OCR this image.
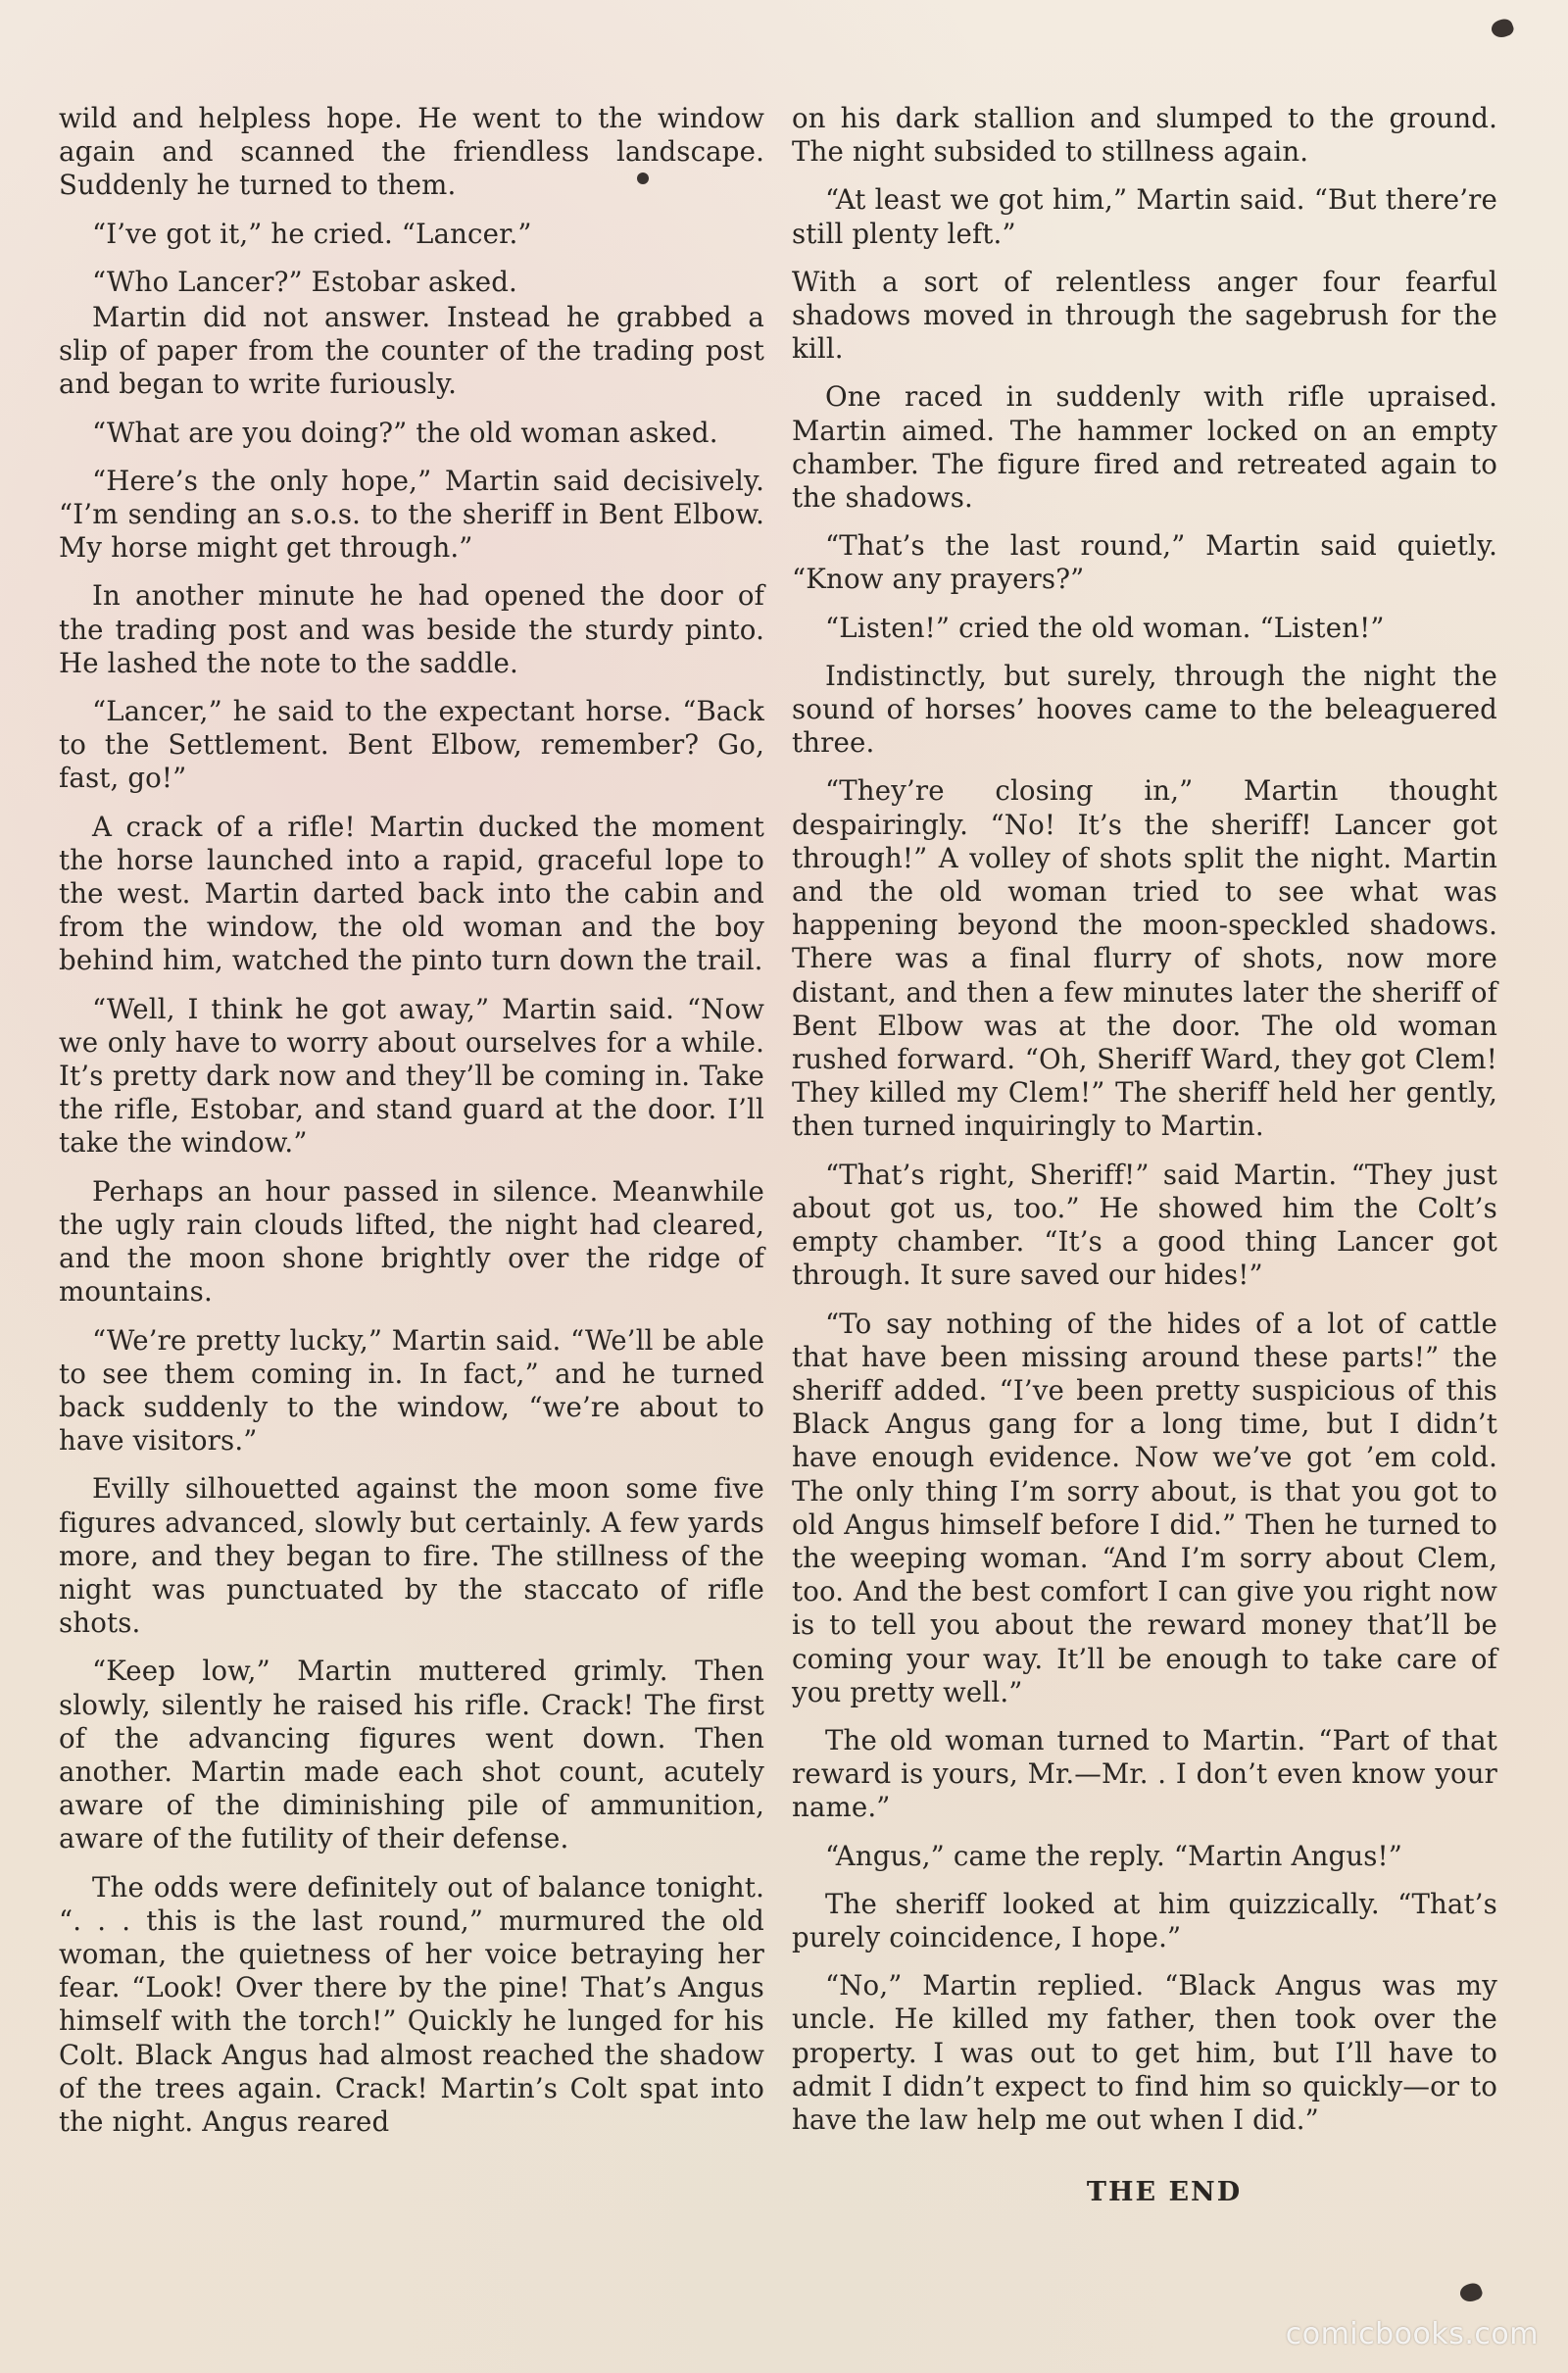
wild and helpless hope. He went to the window again and scanned the friendless landscape. Suddenly he turned to them.

“I’ve got it,” he cried. “Lancer.”

“Who Lancer?” Estobar asked.

Martin did not answer. Instead he grabbed a slip of paper from the counter of the trading post and began to write furiously.

“What are you doing?” the old woman asked.

“Here’s the only hope,” Martin said decisively. “I’m sending an s.o.s. to the sheriff in Bent Elbow. My horse might get through.”

In another minute he had opened the door of the trading post and was beside the sturdy pinto. He lashed the note to the saddle.

“Lancer,” he said to the expectant horse. “Back to the Settlement. Bent Elbow, remember? Go, fast, go!”

A crack of a rifle! Martin ducked the moment the horse launched into a rapid, graceful lope to the west. Martin darted back into the cabin and from the window, the old woman and the boy behind him, watched the pinto turn down the trail.

“Well, I think he got away,” Martin said. “Now we only have to worry about ourselves for a while. It’s pretty dark now and they’ll be coming in. Take the rifle, Estobar, and stand guard at the door. I’ll take the window.”

Perhaps an hour passed in silence. Meanwhile the ugly rain clouds lifted, the night had cleared, and the moon shone brightly over the ridge of mountains.

“We’re pretty lucky,” Martin said. “We’ll be able to see them coming in. In fact,” and he turned back suddenly to the window, “we’re about to have visitors.”

Evilly silhouetted against the moon some five figures advanced, slowly but certainly. A few yards more, and they began to fire. The stillness of the night was punctuated by the staccato of rifle shots.

“Keep low,” Martin muttered grimly. Then slowly, silently he raised his rifle. Crack! The first of the advancing figures went down. Then another. Martin made each shot count, acutely aware of the diminishing pile of ammunition, aware of the futility of their defense.

The odds were definitely out of balance tonight. “. . . this is the last round,” murmured the old woman, the quietness of her voice betraying her fear. “Look! Over there by the pine! That’s Angus himself with the torch!” Quickly he lunged for his Colt. Black Angus had almost reached the shadow of the trees again. Crack! Martin’s Colt spat into the night. Angus reared

on his dark stallion and slumped to the ground. The night subsided to stillness again.

“At least we got him,” Martin said. “But there’re still plenty left.”

With a sort of relentless anger four fearful shadows moved in through the sagebrush for the kill.

One raced in suddenly with rifle upraised. Martin aimed. The hammer locked on an empty chamber. The figure fired and retreated again to the shadows.

“That’s the last round,” Martin said quietly. “Know any prayers?”

“Listen!” cried the old woman. “Listen!”

Indistinctly, but surely, through the night the sound of horses’ hooves came to the beleaguered three.

“They’re closing in,” Martin thought despairingly. “No! It’s the sheriff! Lancer got through!” A volley of shots split the night. Martin and the old woman tried to see what was happening beyond the moon-speckled shadows. There was a final flurry of shots, now more distant, and then a few minutes later the sheriff of Bent Elbow was at the door. The old woman rushed forward. “Oh, Sheriff Ward, they got Clem! They killed my Clem!” The sheriff held her gently, then turned inquiringly to Martin.

“That’s right, Sheriff!” said Martin. “They just about got us, too.” He showed him the Colt’s empty chamber. “It’s a good thing Lancer got through. It sure saved our hides!”

“To say nothing of the hides of a lot of cattle that have been missing around these parts!” the sheriff added. “I’ve been pretty suspicious of this Black Angus gang for a long time, but I didn’t have enough evidence. Now we’ve got ’em cold. The only thing I’m sorry about, is that you got to old Angus himself before I did.” Then he turned to the weeping woman. “And I’m sorry about Clem, too. And the best comfort I can give you right now is to tell you about the reward money that’ll be coming your way. It’ll be enough to take care of you pretty well.”

The old woman turned to Martin. “Part of that reward is yours, Mr.—Mr. . I don’t even know your name.”

“Angus,” came the reply. “Martin Angus!”

The sheriff looked at him quizzically. “That’s purely coincidence, I hope.”

“No,” Martin replied. “Black Angus was my uncle. He killed my father, then took over the property. I was out to get him, but I’ll have to admit I didn’t expect to find him so quickly—or to have the law help me out when I did.”

THE END

comicbooks.com
